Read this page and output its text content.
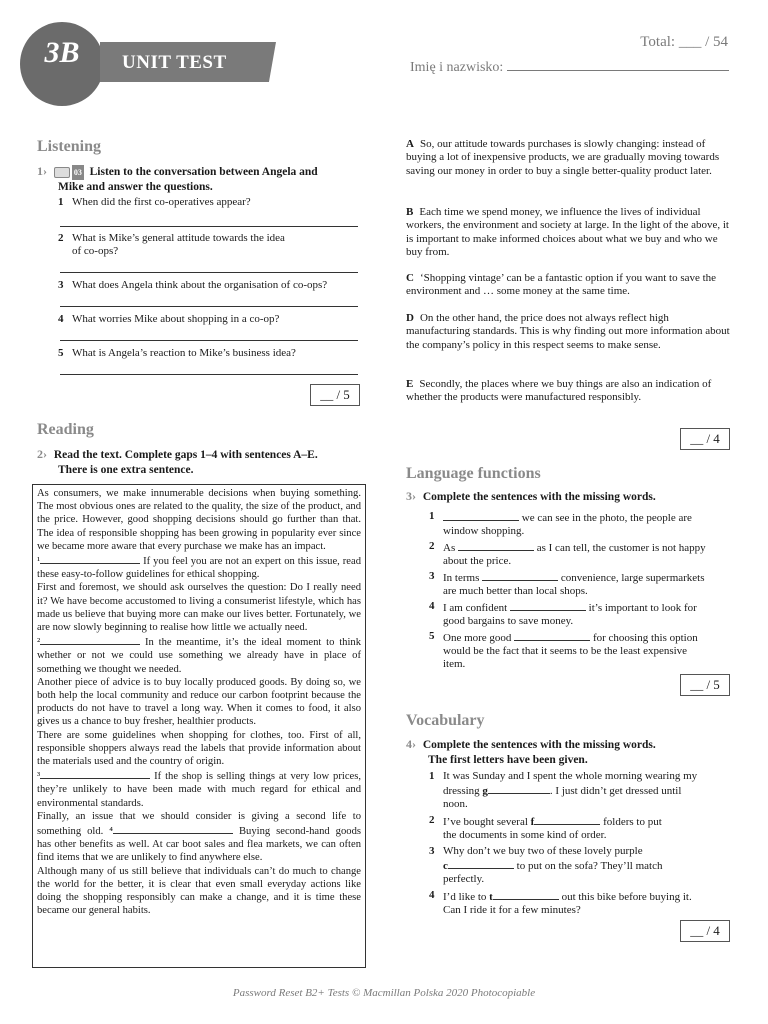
3B	UNIT TEST
Total: ___ / 54
Imię i nazwisko:
Listening
1›	03 Listen to the conversation between Angela and
Mike and answer the questions.
1 When did the first co-operatives appear?
2 What is Mike’s general attitude towards the idea
of co-ops?
3 What does Angela think about the organisation of co-ops?
4 What worries Mike about shopping in a co-op?
5 What is Angela’s reaction to Mike’s business idea?
__ / 5
Reading
2› Read the text. Complete gaps 1–4 with sentences A–E.
There is one extra sentence.

As consumers, we make innumerable decisions when buying something. The most obvious ones are related to the quality, the size of the product, and the price. However, good shopping decisions should go further than that. The idea of responsible shopping has been growing in popularity ever since we became more aware that every purchase we make has an impact.
¹	If you feel you are not an expert on this issue, read these easy-to-follow guidelines for ethical shopping.

First and foremost, we should ask ourselves the question: Do I really need it? We have become accustomed to living a consumerist lifestyle, which has made us believe that buying more can make our lives better. Fortunately, we are now slowly beginning to realise how little we actually need.
²	In the meantime, it’s the ideal moment to think whether or not we could use something we already have in place of something we thought we needed.

Another piece of advice is to buy locally produced goods. By doing so, we both help the local community and reduce our carbon footprint because the products do not have to travel a long way. When it comes to food, it also gives us a chance to buy fresher, healthier products.

There are some guidelines when shopping for clothes, too. First of all, responsible shoppers always read the labels that provide information about the materials used and the country of origin.
³	If the shop is selling things at very low prices, they’re unlikely to have been made with much regard for ethical and environmental standards.

Finally, an issue that we should consider is giving a second life to something old. ⁴	Buying second-hand goods has other benefits as well. At car boot sales and flea markets, we can often find items that we are unlikely to find anywhere else.

Although many of us still believe that individuals can’t do much to change the world for the better, it is clear that even small everyday actions like doing the shopping responsibly can make a change, and it is time these became our general habits.

A So, our attitude towards purchases is slowly changing: instead of buying a lot of inexpensive products, we are gradually moving towards saving our money in order to buy a single better-quality product later.
B Each time we spend money, we influence the lives of individual workers, the environment and society at large. In the light of the above, it is important to make informed choices about what we buy and who we buy from.
C ‘Shopping vintage’ can be a fantastic option if you want to save the environment and … some money at the same time.
D On the other hand, the price does not always reflect high manufacturing standards. This is why finding out more information about the company’s policy in this respect seems to make sense.
E Secondly, the places where we buy things are also an indication of whether the products were manufactured responsibly.
__ / 4
Language functions
3› Complete the sentences with the missing words.
1	we can see in the photo, the people are
window shopping.
2 As	as I can tell, the customer is not happy
about the price.
3 In terms	convenience, large supermarkets
are much better than local shops.
4 I am confident	it’s important to look for
good bargains to save money.
5 One more good	for choosing this option
would be the fact that it seems to be the least expensive
item.
__ / 5
Vocabulary
4› Complete the sentences with the missing words.
The first letters have been given.
1 It was Sunday and I spent the whole morning wearing my
dressing g	. I just didn’t get dressed until
noon.
2 I’ve bought several f	folders to put
the documents in some kind of order.
3 Why don’t we buy two of these lovely purple
c	to put on the sofa? They’ll match
perfectly.
4 I’d like to t	out this bike before buying it.
Can I ride it for a few minutes?
__ / 4
Password Reset B2+ Tests © Macmillan Polska 2020 Photocopiable
